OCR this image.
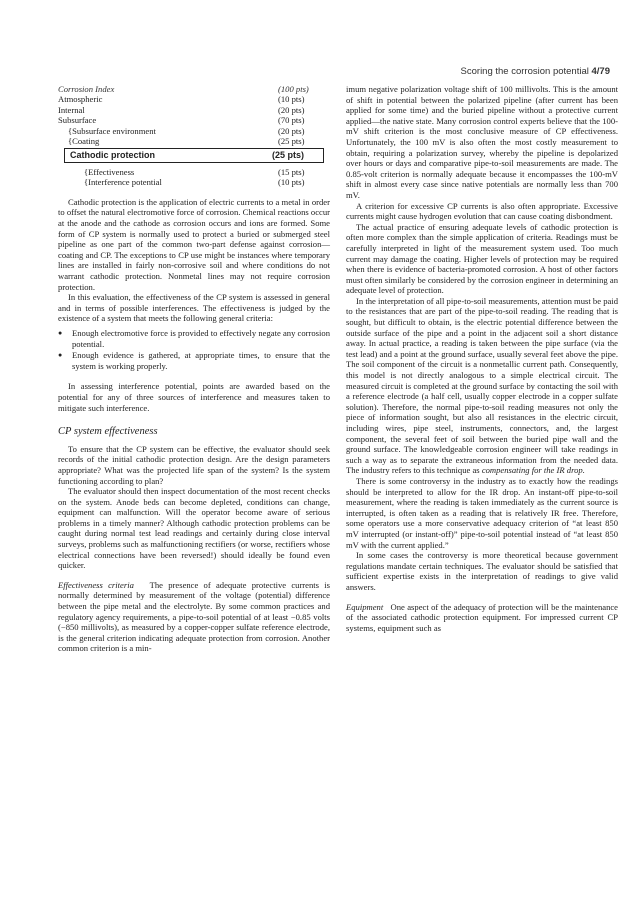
Scoring the corrosion potential 4/79
Corrosion Index	(100 pts)
Atmospheric	(10 pts)
Internal	(20 pts)
Subsurface	(70 pts)
{Subsurface environment	(20 pts)
{Coating	(25 pts)
Cathodic protection	(25 pts)
{Effectiveness	(15 pts)
{Interference potential	(10 pts)

Cathodic protection is the application of electric currents to a metal in order to offset the natural electromotive force of corrosion. Chemical reactions occur at the anode and the cathode as corrosion occurs and ions are formed. Some form of CP system is normally used to protect a buried or submerged steel pipeline as one part of the common two-part defense against corrosion—coating and CP. The exceptions to CP use might be instances where temporary lines are installed in fairly non-corrosive soil and where conditions do not warrant cathodic protection. Nonmetal lines may not require corrosion protection.

In this evaluation, the effectiveness of the CP system is assessed in general and in terms of possible interferences. The effectiveness is judged by the existence of a system that meets the following general criteria:

● Enough electromotive force is provided to effectively negate any corrosion potential.
● Enough evidence is gathered, at appropriate times, to ensure that the system is working properly.

In assessing interference potential, points are awarded based on the potential for any of three sources of interference and measures taken to mitigate such interference.

CP system effectiveness

To ensure that the CP system can be effective, the evaluator should seek records of the initial cathodic protection design. Are the design parameters appropriate? What was the projected life span of the system? Is the system functioning according to plan?

The evaluator should then inspect documentation of the most recent checks on the system. Anode beds can become depleted, conditions can change, equipment can malfunction. Will the operator become aware of serious problems in a timely manner? Although cathodic protection problems can be caught during normal test lead readings and certainly during close interval surveys, problems such as malfunctioning rectifiers (or worse, rectifiers whose electrical connections have been reversed!) should ideally be found even quicker.

Effectiveness criteria The presence of adequate protective currents is normally determined by measurement of the voltage (potential) difference between the pipe metal and the electrolyte. By some common practices and regulatory agency requirements, a pipe-to-soil potential of at least −0.85 volts (−850 millivolts), as measured by a copper-copper sulfate reference electrode, is the general criterion indicating adequate protection from corrosion. Another common criterion is a min-

imum negative polarization voltage shift of 100 millivolts. This is the amount of shift in potential between the polarized pipeline (after current has been applied for some time) and the buried pipeline without a protective current applied—the native state. Many corrosion control experts believe that the 100-mV shift criterion is the most conclusive measure of CP effectiveness. Unfortunately, the 100 mV is also often the most costly measurement to obtain, requiring a polarization survey, whereby the pipeline is depolarized over hours or days and comparative pipe-to-soil measurements are made. The 0.85-volt criterion is normally adequate because it encompasses the 100-mV shift in almost every case since native potentials are normally less than 700 mV.

A criterion for excessive CP currents is also often appropriate. Excessive currents might cause hydrogen evolution that can cause coating disbondment.

The actual practice of ensuring adequate levels of cathodic protection is often more complex than the simple application of criteria. Readings must be carefully interpreted in light of the measurement system used. Too much current may damage the coating. Higher levels of protection may be required when there is evidence of bacteria-promoted corrosion. A host of other factors must often similarly be considered by the corrosion engineer in determining an adequate level of protection.

In the interpretation of all pipe-to-soil measurements, attention must be paid to the resistances that are part of the pipe-to-soil reading. The reading that is sought, but difficult to obtain, is the electric potential difference between the outside surface of the pipe and a point in the adjacent soil a short distance away. In actual practice, a reading is taken between the pipe surface (via the test lead) and a point at the ground surface, usually several feet above the pipe. The soil component of the circuit is a nonmetallic current path. Consequently, this model is not directly analogous to a simple electrical circuit. The measured circuit is completed at the ground surface by contacting the soil with a reference electrode (a half cell, usually copper electrode in a copper sulfate solution). Therefore, the normal pipe-to-soil reading measures not only the piece of information sought, but also all resistances in the electric circuit, including wires, pipe steel, instruments, connectors, and, the largest component, the several feet of soil between the buried pipe wall and the ground surface. The knowledgeable corrosion engineer will take readings in such a way as to separate the extraneous information from the needed data. The industry refers to this technique as compensating for the IR drop.

There is some controversy in the industry as to exactly how the readings should be interpreted to allow for the IR drop. An instant-off pipe-to-soil measurement, where the reading is taken immediately as the current source is interrupted, is often taken as a reading that is relatively IR free. Therefore, some operators use a more conservative adequacy criterion of “at least 850 mV interrupted (or instant-off)” pipe-to-soil potential instead of “at least 850 mV with the current applied.”

In some cases the controversy is more theoretical because government regulations mandate certain techniques. The evaluator should be satisfied that sufficient expertise exists in the interpretation of readings to give valid answers.

Equipment One aspect of the adequacy of protection will be the maintenance of the associated cathodic protection equipment. For impressed current CP systems, equipment such as
